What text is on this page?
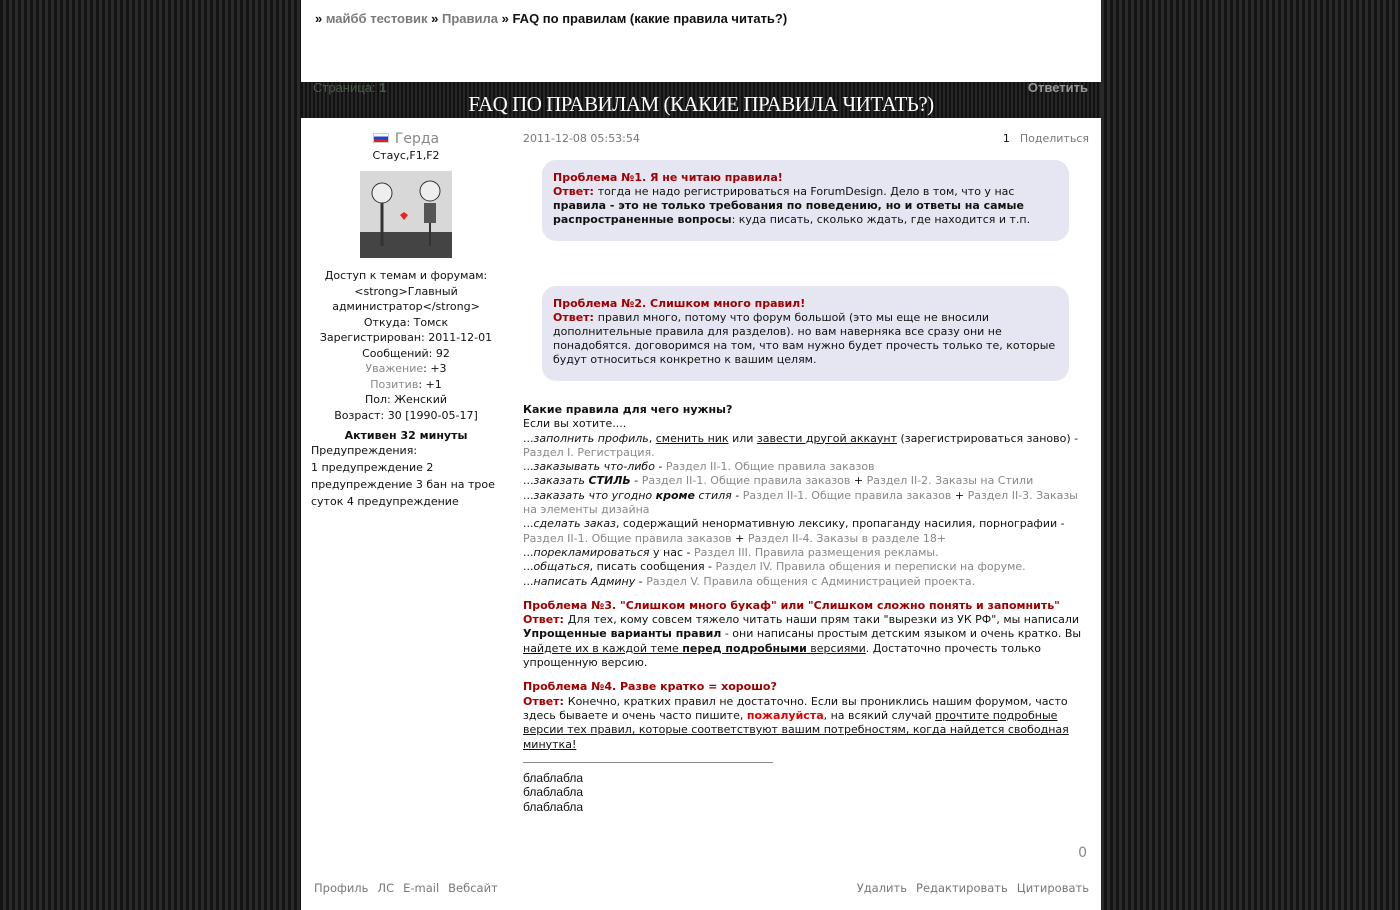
» майбб тестовик » Правила » FAQ по правилам (какие правила читать?)
Страница: 1	Ответить
FAQ ПО ПРАВИЛАМ (КАКИЕ ПРАВИЛА ЧИТАТЬ?)
Герда
Стаус,F1,F2
Доступ к темам и форумам:
<strong>Главный администратор</strong>
Откуда: Томск
Зарегистрирован: 2011-12-01
Сообщений: 92
Уважение: +3
Позитив: +1
Пол: Женский
Возраст: 30 [1990-05-17]
Активен 32 минуты
Предупреждения:
1 предупреждение 2 предупреждение 3 бан на трое суток 4 предупреждение
2011-12-08 05:53:54	1 Поделиться

Проблема №1. Я не читаю правила!
Ответ: тогда не надо регистрироваться на ForumDesign. Дело в том, что у нас правила - это не только требования по поведению, но и ответы на самые распространенные вопросы: куда писать, сколько ждать, где находится и т.п.

Проблема №2. Слишком много правил!
Ответ: правил много, потому что форум большой (это мы еще не вносили дополнительные правила для разделов). но вам наверняка все сразу они не понадобятся. договоримся на том, что вам нужно будет прочесть только те, которые будут относиться конкретно к вашим целям.

Какие правила для чего нужны?
Если вы хотите....
...заполнить профиль, сменить ник или завести другой аккаунт (зарегистрироваться заново) - Раздел I. Регистрация.
...заказывать что-либо - Раздел II-1. Общие правила заказов
...заказать СТИЛЬ - Раздел II-1. Общие правила заказов + Раздел II-2. Заказы на Стили
...заказать что угодно кроме стиля - Раздел II-1. Общие правила заказов + Раздел II-3. Заказы на элементы дизайна
...сделать заказ, содержащий ненормативную лексику, пропаганду насилия, порнографии - Раздел II-1. Общие правила заказов + Раздел II-4. Заказы в разделе 18+
...порекламироваться у нас - Раздел III. Правила размещения рекламы.
...общаться, писать сообщения - Раздел IV. Правила общения и переписки на форуме.
...написать Админу - Раздел V. Правила общения с Администрацией проекта.

Проблема №3. "Слишком много букаф" или "Слишком сложно понять и запомнить"
Ответ: Для тех, кому совсем тяжело читать наши прям таки "вырезки из УК РФ", мы написали Упрощенные варианты правил - они написаны простым детским языком и очень кратко. Вы найдете их в каждой теме перед подробными версиями. Достаточно прочесть только упрощенную версию.

Проблема №4. Разве кратко = хорошо?
Ответ: Конечно, кратких правил не достаточно. Если вы прониклись нашим форумом, часто здесь бываете и очень часто пишите, пожалуйста, на всякий случай прочтите подробные версии тех правил, которые соответствуют вашим потребностям, когда найдется свободная минутка!

блаблабла
блаблабла
блаблабла
0
Профиль ЛС E-mail Вебсайт	Удалить Редактировать Цитировать
